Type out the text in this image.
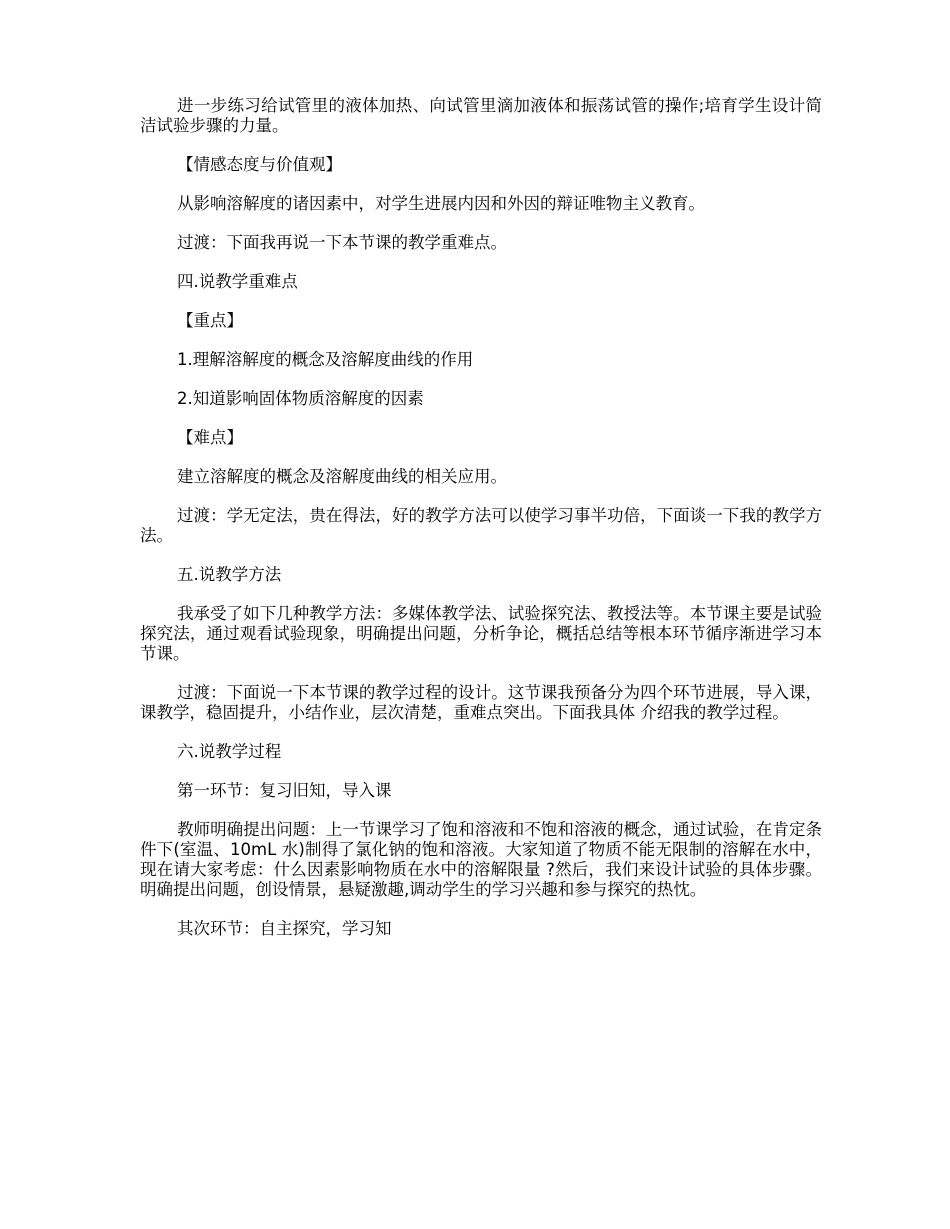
进一步练习给试管里的液体加热、向试管里滴加液体和振荡试管的操作;培育学生设计简洁试验步骤的力量。

【情感态度与价值观】

从影响溶解度的诸因素中，对学生进展内因和外因的辩证唯物主义教育。

过渡：下面我再说一下本节课的教学重难点。

四.说教学重难点

【重点】

1.理解溶解度的概念及溶解度曲线的作用

2.知道影响固体物质溶解度的因素

【难点】

建立溶解度的概念及溶解度曲线的相关应用。

过渡：学无定法，贵在得法，好的教学方法可以使学习事半功倍，下面谈一下我的教学方法。

五.说教学方法

我承受了如下几种教学方法：多媒体教学法、试验探究法、教授法等。本节课主要是试验探究法，通过观看试验现象，明确提出问题，分析争论，概括总结等根本环节循序渐进学习本节课。

过渡：下面说一下本节课的教学过程的设计。这节课我预备分为四个环节进展，导入课，课教学，稳固提升，小结作业，层次清楚，重难点突出。下面我具体 介绍我的教学过程。

六.说教学过程

第一环节：复习旧知，导入课

教师明确提出问题：上一节课学习了饱和溶液和不饱和溶液的概念，通过试验，在肯定条件下(室温、10mL 水)制得了氯化钠的饱和溶液。大家知道了物质不能无限制的溶解在水中，现在请大家考虑：什么因素影响物质在水中的溶解限量 ?然后，我们来设计试验的具体步骤。明确提出问题，创设情景，悬疑激趣,调动学生的学习兴趣和参与探究的热忱。

其次环节：自主探究，学习知
